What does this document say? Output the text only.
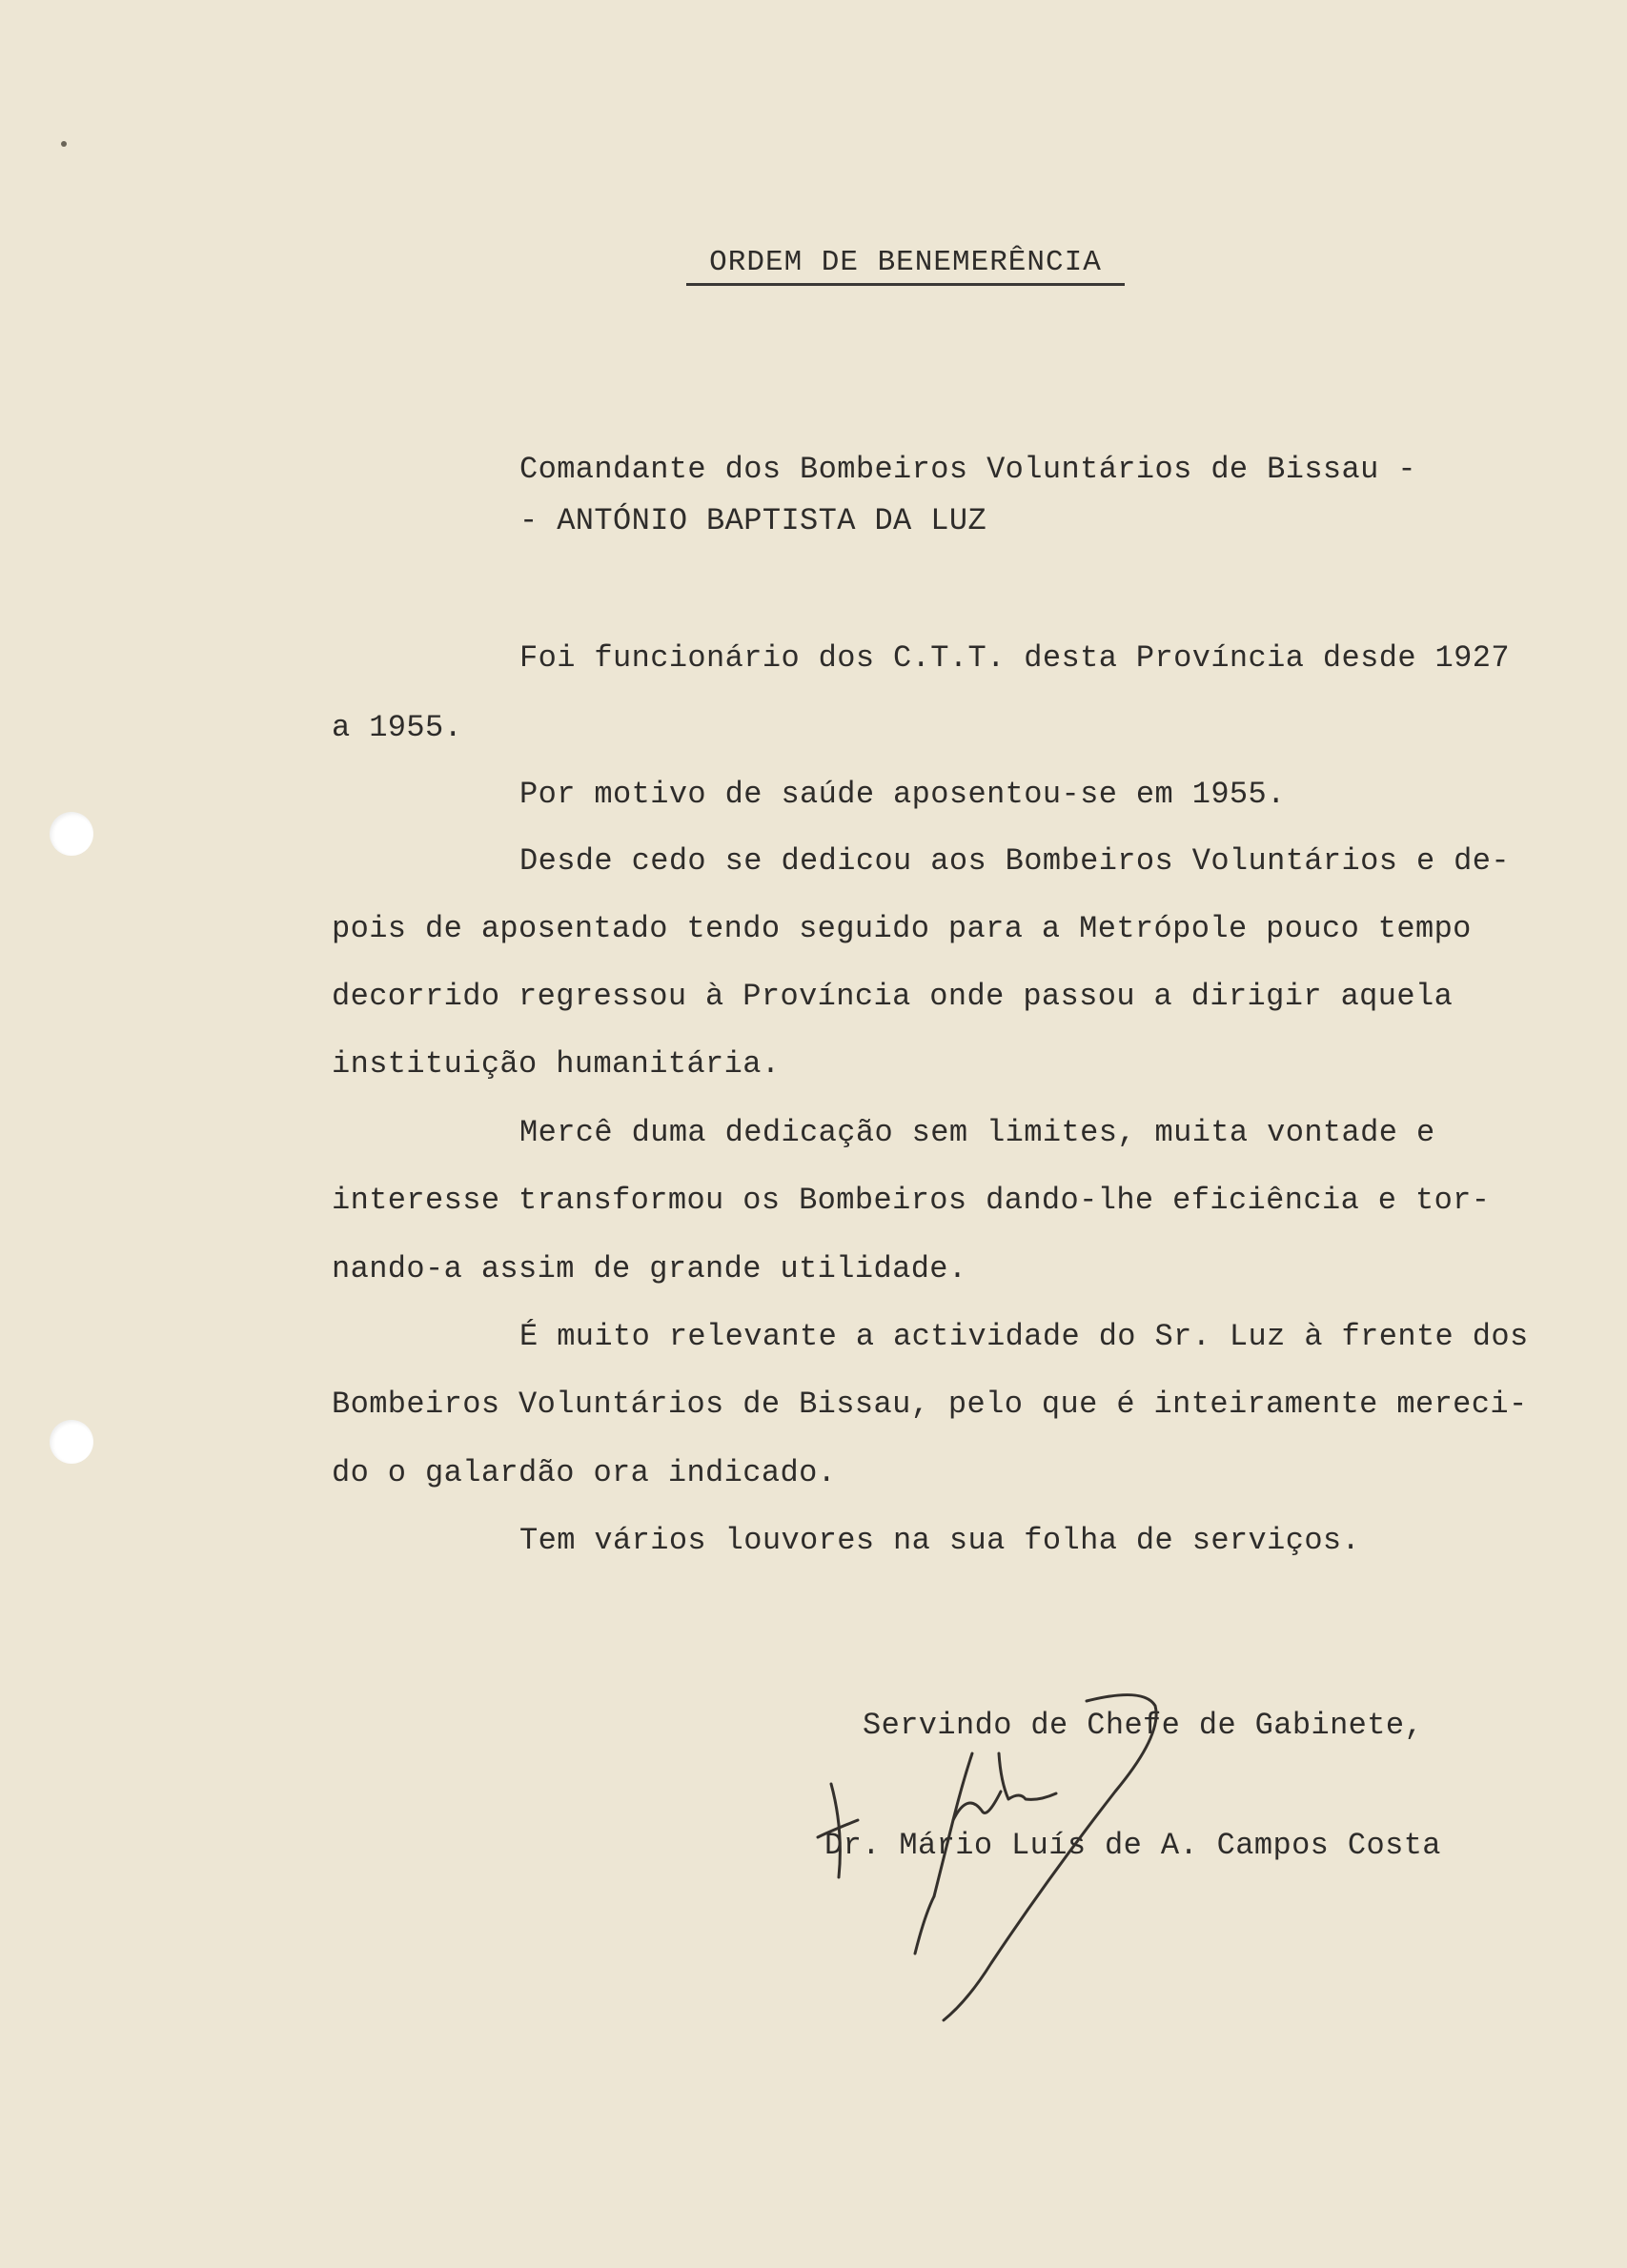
ORDEM DE BENEMERÊNCIA
Comandante dos Bombeiros Voluntários de Bissau -
- ANTÓNIO BAPTISTA DA LUZ
Foi funcionário dos C.T.T. desta Província desde 1927
a 1955.
Por motivo de saúde aposentou-se em 1955.
Desde cedo se dedicou aos Bombeiros Voluntários e de-
pois de aposentado tendo seguido para a Metrópole pouco tempo
decorrido regressou à Província onde passou a dirigir aquela
instituição humanitária.
Mercê duma dedicação sem limites, muita vontade e
interesse transformou os Bombeiros dando-lhe eficiência e tor-
nando-a assim de grande utilidade.
É muito relevante a actividade do Sr. Luz à frente dos
Bombeiros Voluntários de Bissau, pelo que é inteiramente mereci-
do o galardão ora indicado.
Tem vários louvores na sua folha de serviços.
Servindo de Chefe de Gabinete,
Dr. Mário Luís de A. Campos Costa
